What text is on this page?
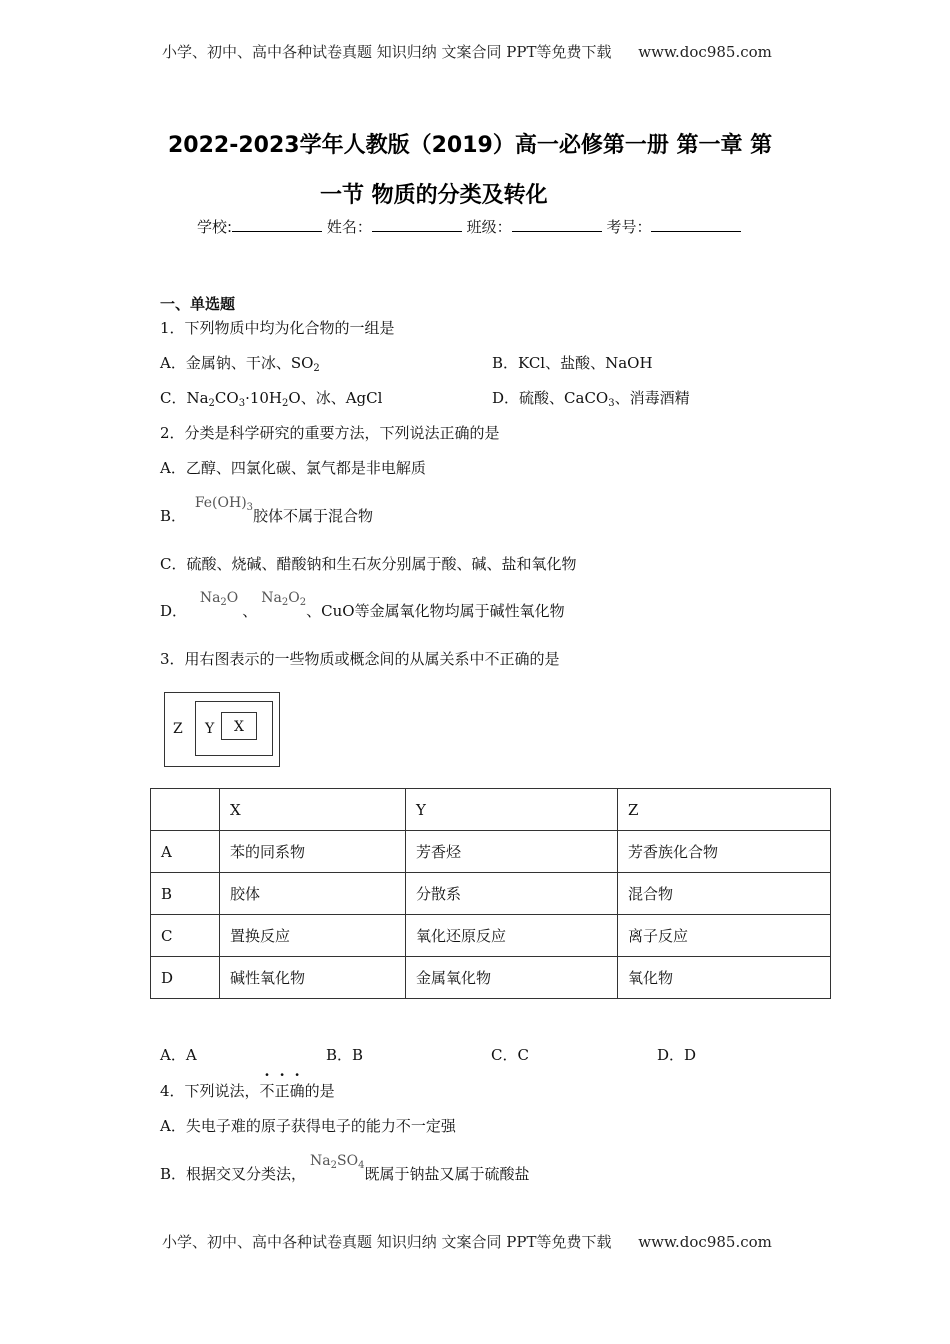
小学、初中、高中各种试卷真题 知识归纳 文案合同 PPT等免费下载 www.doc985.com
2022-2023学年人教版（2019）高一必修第一册 第一章 第
一节 物质的分类及转化
学校:	姓名：	班级：	考号：
一、单选题
1．下列物质中均为化合物的一组是
A．金属钠、干冰、$SO_2$	B．KCl、盐酸、NaOH
C．$Na_2CO_3\cdot 10H_2O$、冰、AgCl	D．硫酸、CaCO$_3$、消毒酒精
2．分类是科学研究的重要方法，下列说法正确的是
A．乙醇、四氯化碳、氯气都是非电解质
B． $Fe(OH)_3$胶体不属于混合物
C．硫酸、烧碱、醋酸钠和生石灰分别属于酸、碱、盐和氧化物
D． $Na_2O$、$Na_2O_2$、CuO等金属氧化物均属于碱性氧化物
3．用右图表示的一些物质或概念间的从属关系中不正确的是
Z Y	X
	X	Y	Z
A	苯的同系物	芳香烃	芳香族化合物
B	胶体	分散系	混合物
C	置换反应	氧化还原反应	离子反应
D	碱性氧化物	金属氧化物	氧化物
A．A	B．B	C．C	D．D
4．下列说法，不正确的是
A．失电子难的原子获得电子的能力不一定强
B．根据交叉分类法，$Na_2SO_4$既属于钠盐又属于硫酸盐
小学、初中、高中各种试卷真题 知识归纳 文案合同 PPT等免费下载 www.doc985.com
